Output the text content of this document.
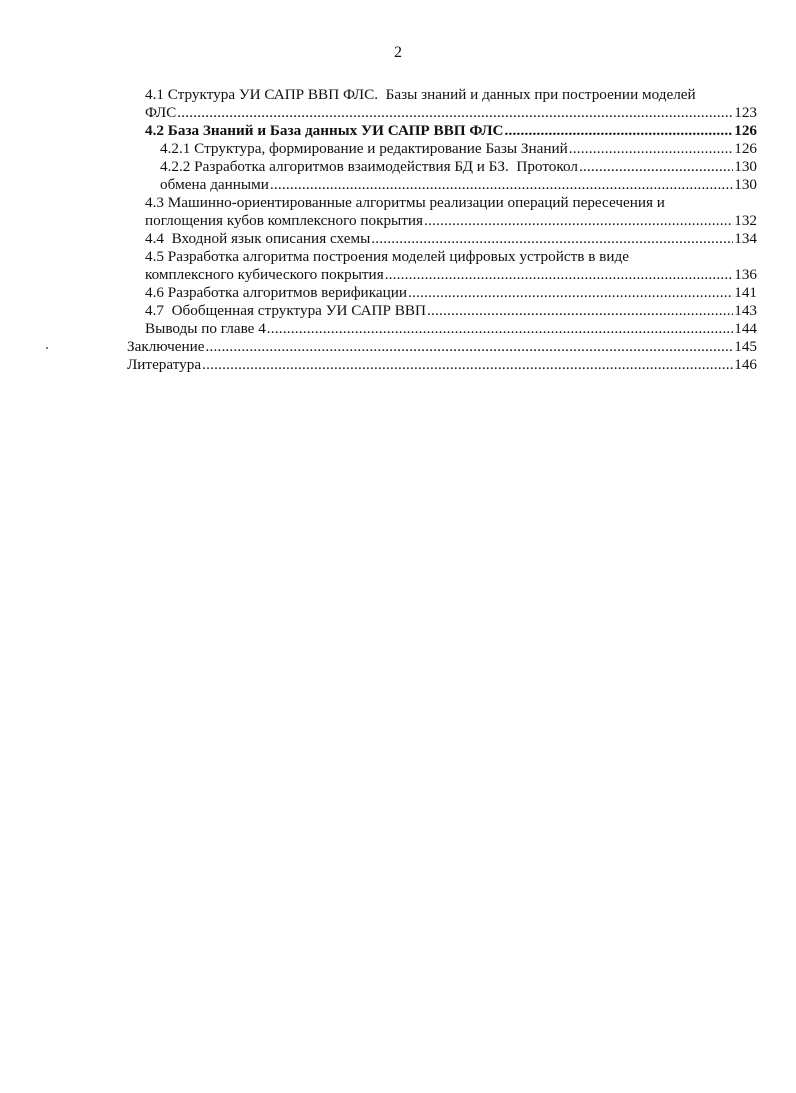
2
4.1 Структура УИ САПР ВВП ФЛС.  Базы знаний и данных при построении моделей
ФЛС .....	123
4.2 База Знаний и База данных УИ САПР ВВП ФЛС .....	126
4.2.1 Структура, формирование и редактирование Базы Знаний .....	126
4.2.2 Разработка алгоритмов взаимодействия БД и БЗ.  Протокол .....	130
обмена данными .....	130
4.3 Машинно-ориентированные алгоритмы реализации операций пересечения и
поглощения кубов комплексного покрытия .....	132
4.4  Входной язык описания схемы .....	134
4.5 Разработка алгоритма построения моделей цифровых устройств в виде
комплексного кубического покрытия .....	136
4.6 Разработка алгоритмов верификации .....	141
4.7  Обобщенная структура УИ САПР ВВП .....	143
Выводы по главе 4 .....	144
Заключение .....	145
Литература .....	146
